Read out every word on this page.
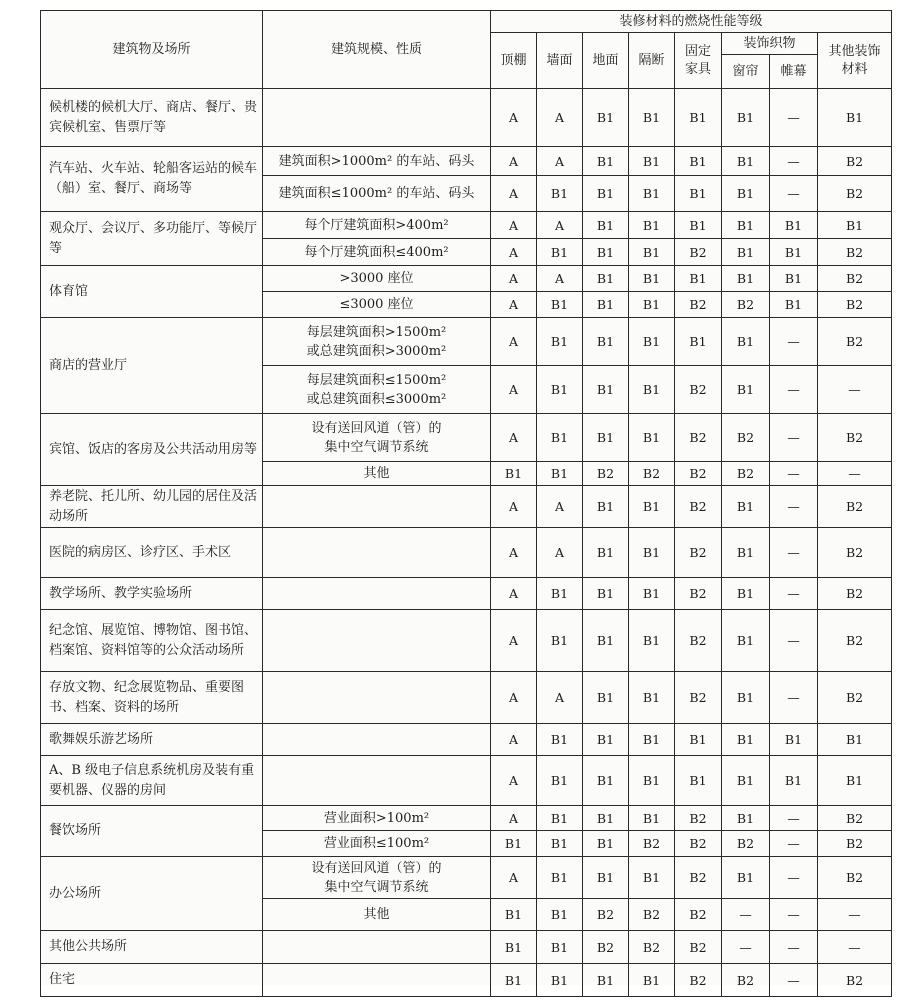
建筑物及场所	建筑规模、性质	装修材料的燃烧性能等级							
		顶棚	墙面	地面	隔断	固定家具	装饰织物		其他装饰材料
							窗帘	帷幕	
候机楼的候机大厅、商店、餐厅、贵宾候机室、售票厅等		A	A	B1	B1	B1	B1	—	B1
汽车站、火车站、轮船客运站的候车（船）室、餐厅、商场等	建筑面积>1000m² 的车站、码头	A	A	B1	B1	B1	B1	—	B2
	建筑面积≤1000m² 的车站、码头	A	B1	B1	B1	B1	B1	—	B2
观众厅、会议厅、多功能厅、等候厅等	每个厅建筑面积>400m²	A	A	B1	B1	B1	B1	B1	B1
	每个厅建筑面积≤400m²	A	B1	B1	B1	B2	B1	B1	B2
体育馆	>3000 座位	A	A	B1	B1	B1	B1	B1	B2
	≤3000 座位	A	B1	B1	B1	B2	B2	B1	B2
商店的营业厅	每层建筑面积>1500m²
或总建筑面积>3000m²	A	B1	B1	B1	B1	B1	—	B2
	每层建筑面积≤1500m²
或总建筑面积≤3000m²	A	B1	B1	B1	B2	B1	—	—
宾馆、饭店的客房及公共活动用房等	设有送回风道（管）的
集中空气调节系统	A	B1	B1	B1	B2	B2	—	B2
	其他	B1	B1	B2	B2	B2	B2	—	—
养老院、托儿所、幼儿园的居住及活动场所		A	A	B1	B1	B2	B1	—	B2
医院的病房区、诊疗区、手术区		A	A	B1	B1	B2	B1	—	B2
教学场所、教学实验场所		A	B1	B1	B1	B2	B1	—	B2
纪念馆、展览馆、博物馆、图书馆、档案馆、资料馆等的公众活动场所		A	B1	B1	B1	B2	B1	—	B2
存放文物、纪念展览物品、重要图书、档案、资料的场所		A	A	B1	B1	B2	B1	—	B2
歌舞娱乐游艺场所		A	B1	B1	B1	B1	B1	B1	B1
A、B 级电子信息系统机房及装有重要机器、仪器的房间		A	B1	B1	B1	B1	B1	B1	B1
餐饮场所	营业面积>100m²	A	B1	B1	B1	B2	B1	—	B2
	营业面积≤100m²	B1	B1	B1	B2	B2	B2	—	B2
办公场所	设有送回风道（管）的
集中空气调节系统	A	B1	B1	B1	B2	B1	—	B2
	其他	B1	B1	B2	B2	B2	—	—	—
其他公共场所		B1	B1	B2	B2	B2	—	—	—
住宅		B1	B1	B1	B1	B2	B2	—	B2
